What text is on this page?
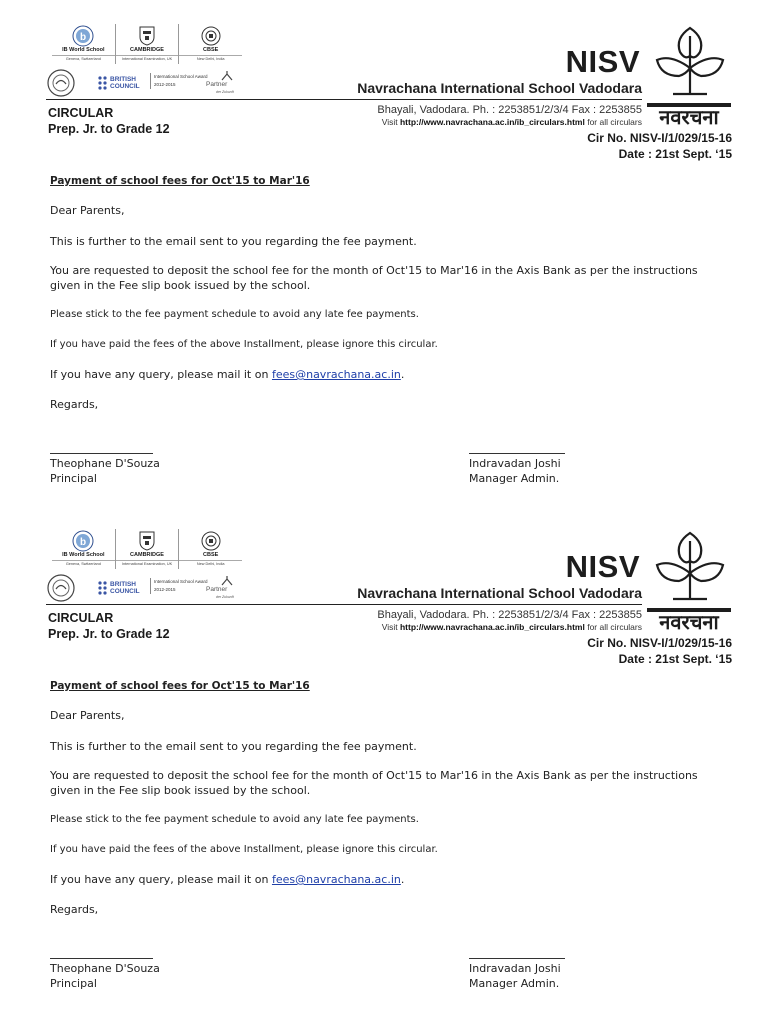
b
IB World School
Geneva, Switzerland
CAMBRIDGE
International Examination, UK
CBSE
New Delhi, India
BRITISH COUNCIL
International School Award
2012-2015	Partner
der Zukunft
NISV
Navrachana International School Vadodara
CIRCULAR
Prep. Jr. to Grade 12
Bhayali, Vadodara. Ph. : 2253851/2/3/4 Fax : 2253855
Visit http://www.navrachana.ac.in/ib_circulars.html for all circulars
Cir No. NISV-I/1/029/15-16
Date : 21st Sept. ‘15
नवरचना
Payment of school fees for Oct'15 to Mar'16
Dear Parents,
This is further to the email sent to you regarding the fee payment.
You are requested to deposit the school fee for the month of Oct'15 to Mar'16 in the Axis Bank as per the instructions given in the Fee slip book issued by the school.
Please stick to the fee payment schedule to avoid any late fee payments.
If you have paid the fees of the above Installment, please ignore this circular.
If you have any query, please mail it on fees@navrachana.ac.in.
Regards,
Theophane D'Souza
Principal
Indravadan Joshi
Manager Admin.
b
IB World School
Geneva, Switzerland
CAMBRIDGE
International Examination, UK
CBSE
New Delhi, India
BRITISH COUNCIL
International School Award
2012-2015	Partner
der Zukunft
NISV
Navrachana International School Vadodara
CIRCULAR
Prep. Jr. to Grade 12
Bhayali, Vadodara. Ph. : 2253851/2/3/4 Fax : 2253855
Visit http://www.navrachana.ac.in/ib_circulars.html for all circulars
Cir No. NISV-I/1/029/15-16
Date : 21st Sept. ‘15
नवरचना
Payment of school fees for Oct'15 to Mar'16
Dear Parents,
This is further to the email sent to you regarding the fee payment.
You are requested to deposit the school fee for the month of Oct'15 to Mar'16 in the Axis Bank as per the instructions given in the Fee slip book issued by the school.
Please stick to the fee payment schedule to avoid any late fee payments.
If you have paid the fees of the above Installment, please ignore this circular.
If you have any query, please mail it on fees@navrachana.ac.in.
Regards,
Theophane D'Souza
Principal
Indravadan Joshi
Manager Admin.
